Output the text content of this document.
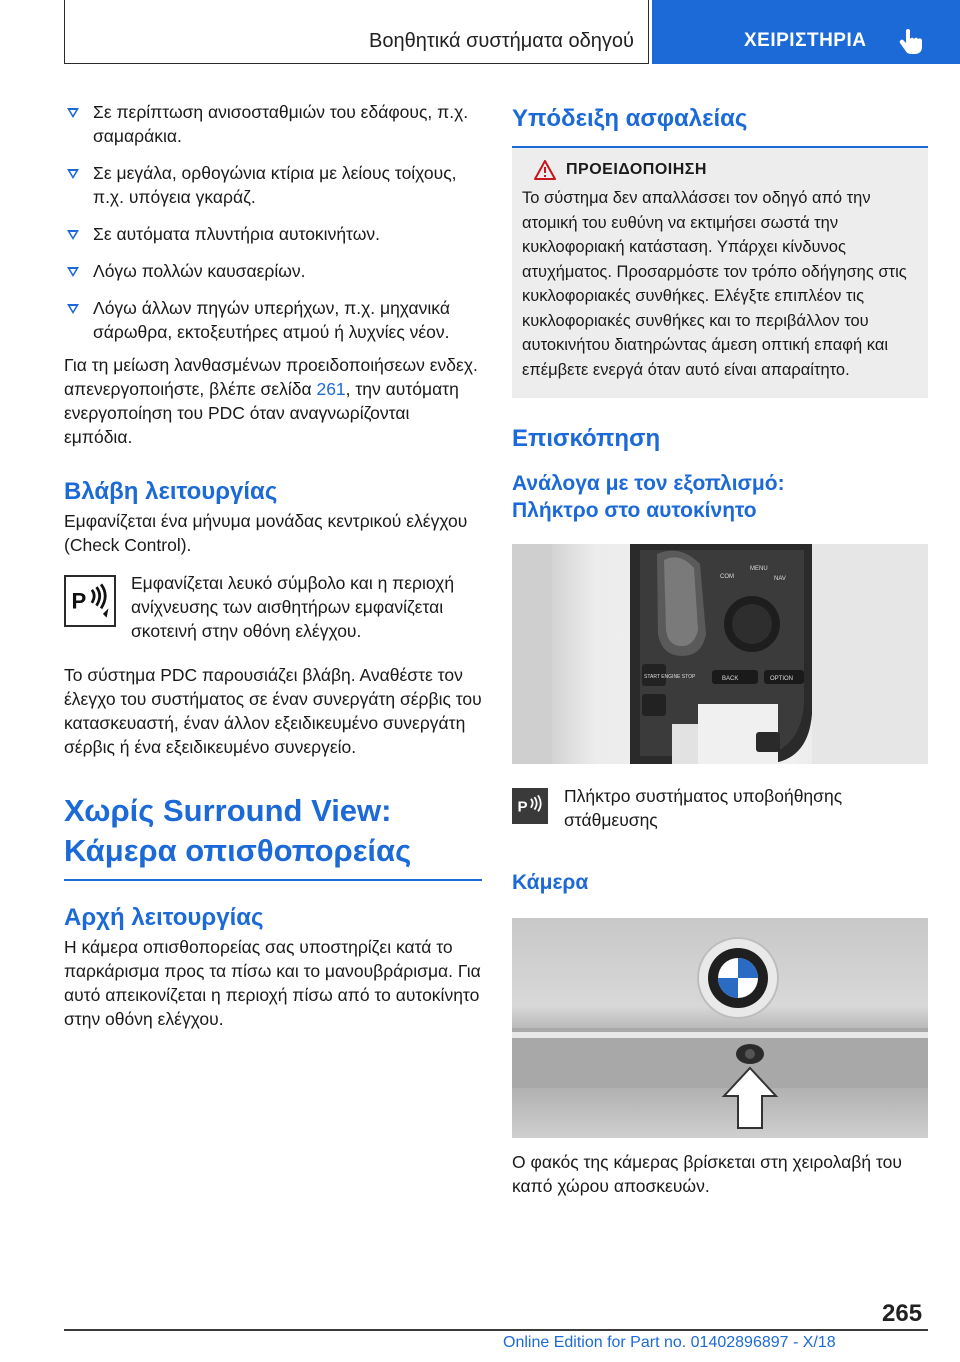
Βοηθητικά συστήματα οδηγού	ΧΕΙΡΙΣΤΗΡΙΑ
Σε περίπτωση ανισοσταθμιών του εδάφους, π.χ. σαμαράκια.
Σε μεγάλα, ορθογώνια κτίρια με λείους τοίχους, π.χ. υπόγεια γκαράζ.
Σε αυτόματα πλυντήρια αυτοκινήτων.
Λόγω πολλών καυσαερίων.
Λόγω άλλων πηγών υπερήχων, π.χ. μηχανικά σάρωθρα, εκτοξευτήρες ατμού ή λυχνίες νέον.

Για τη μείωση λανθασμένων προειδοποιήσεων ενδεχ. απενεργοποιήστε, βλέπε σελίδα 261, την αυτόματη ενεργοποίηση του PDC όταν αναγνωρίζονται εμπόδια.

Βλάβη λειτουργίας

Εμφανίζεται ένα μήνυμα μονάδας κεντρικού ελέγχου (Check Control).

P

Εμφανίζεται λευκό σύμβολο και η περιοχή ανίχνευσης των αισθητήρων εμφανίζεται σκοτεινή στην οθόνη ελέγχου.

Το σύστημα PDC παρουσιάζει βλάβη. Αναθέστε τον έλεγχο του συστήματος σε έναν συνεργάτη σέρβις του κατασκευαστή, έναν άλλον εξειδικευμένο συνεργάτη σέρβις ή ένα εξειδικευμένο συνεργείο.

Χωρίς Surround View:
Κάμερα οπισθοπορείας
Αρχή λειτουργίας

Η κάμερα οπισθοπορείας σας υποστηρίζει κατά το παρκάρισμα προς τα πίσω και το μανουβράρισμα. Για αυτό απεικονίζεται η περιοχή πίσω από το αυτοκίνητο στην οθόνη ελέγχου.

Υπόδειξη ασφαλείας
ΠΡΟΕΙΔΟΠΟΙΗΣΗ

Το σύστημα δεν απαλλάσσει τον οδηγό από την ατομική του ευθύνη να εκτιμήσει σωστά την κυκλοφοριακή κατάσταση. Υπάρχει κίνδυνος ατυχήματος. Προσαρμόστε τον τρόπο οδήγησης στις κυκλοφοριακές συνθήκες. Ελέγξτε επιπλέον τις κυκλοφοριακές συνθήκες και το περιβάλλον του αυτοκινήτου διατηρώντας άμεση οπτική επαφή και επέμβετε ενεργά όταν αυτό είναι απαραίτητο.

Επισκόπηση
Ανάλογα με τον εξοπλισμό:
Πλήκτρο στο αυτοκίνητο
COM
MENU
NAV
BACK	OPTION
START ENGINE STOP
P

Πλήκτρο συστήματος υποβοήθησης στάθμευσης

Κάμερα

Ο φακός της κάμερας βρίσκεται στη χειρολαβή του καπό χώρου αποσκευών.

265
Online Edition for Part no. 01402896897 - X/18
